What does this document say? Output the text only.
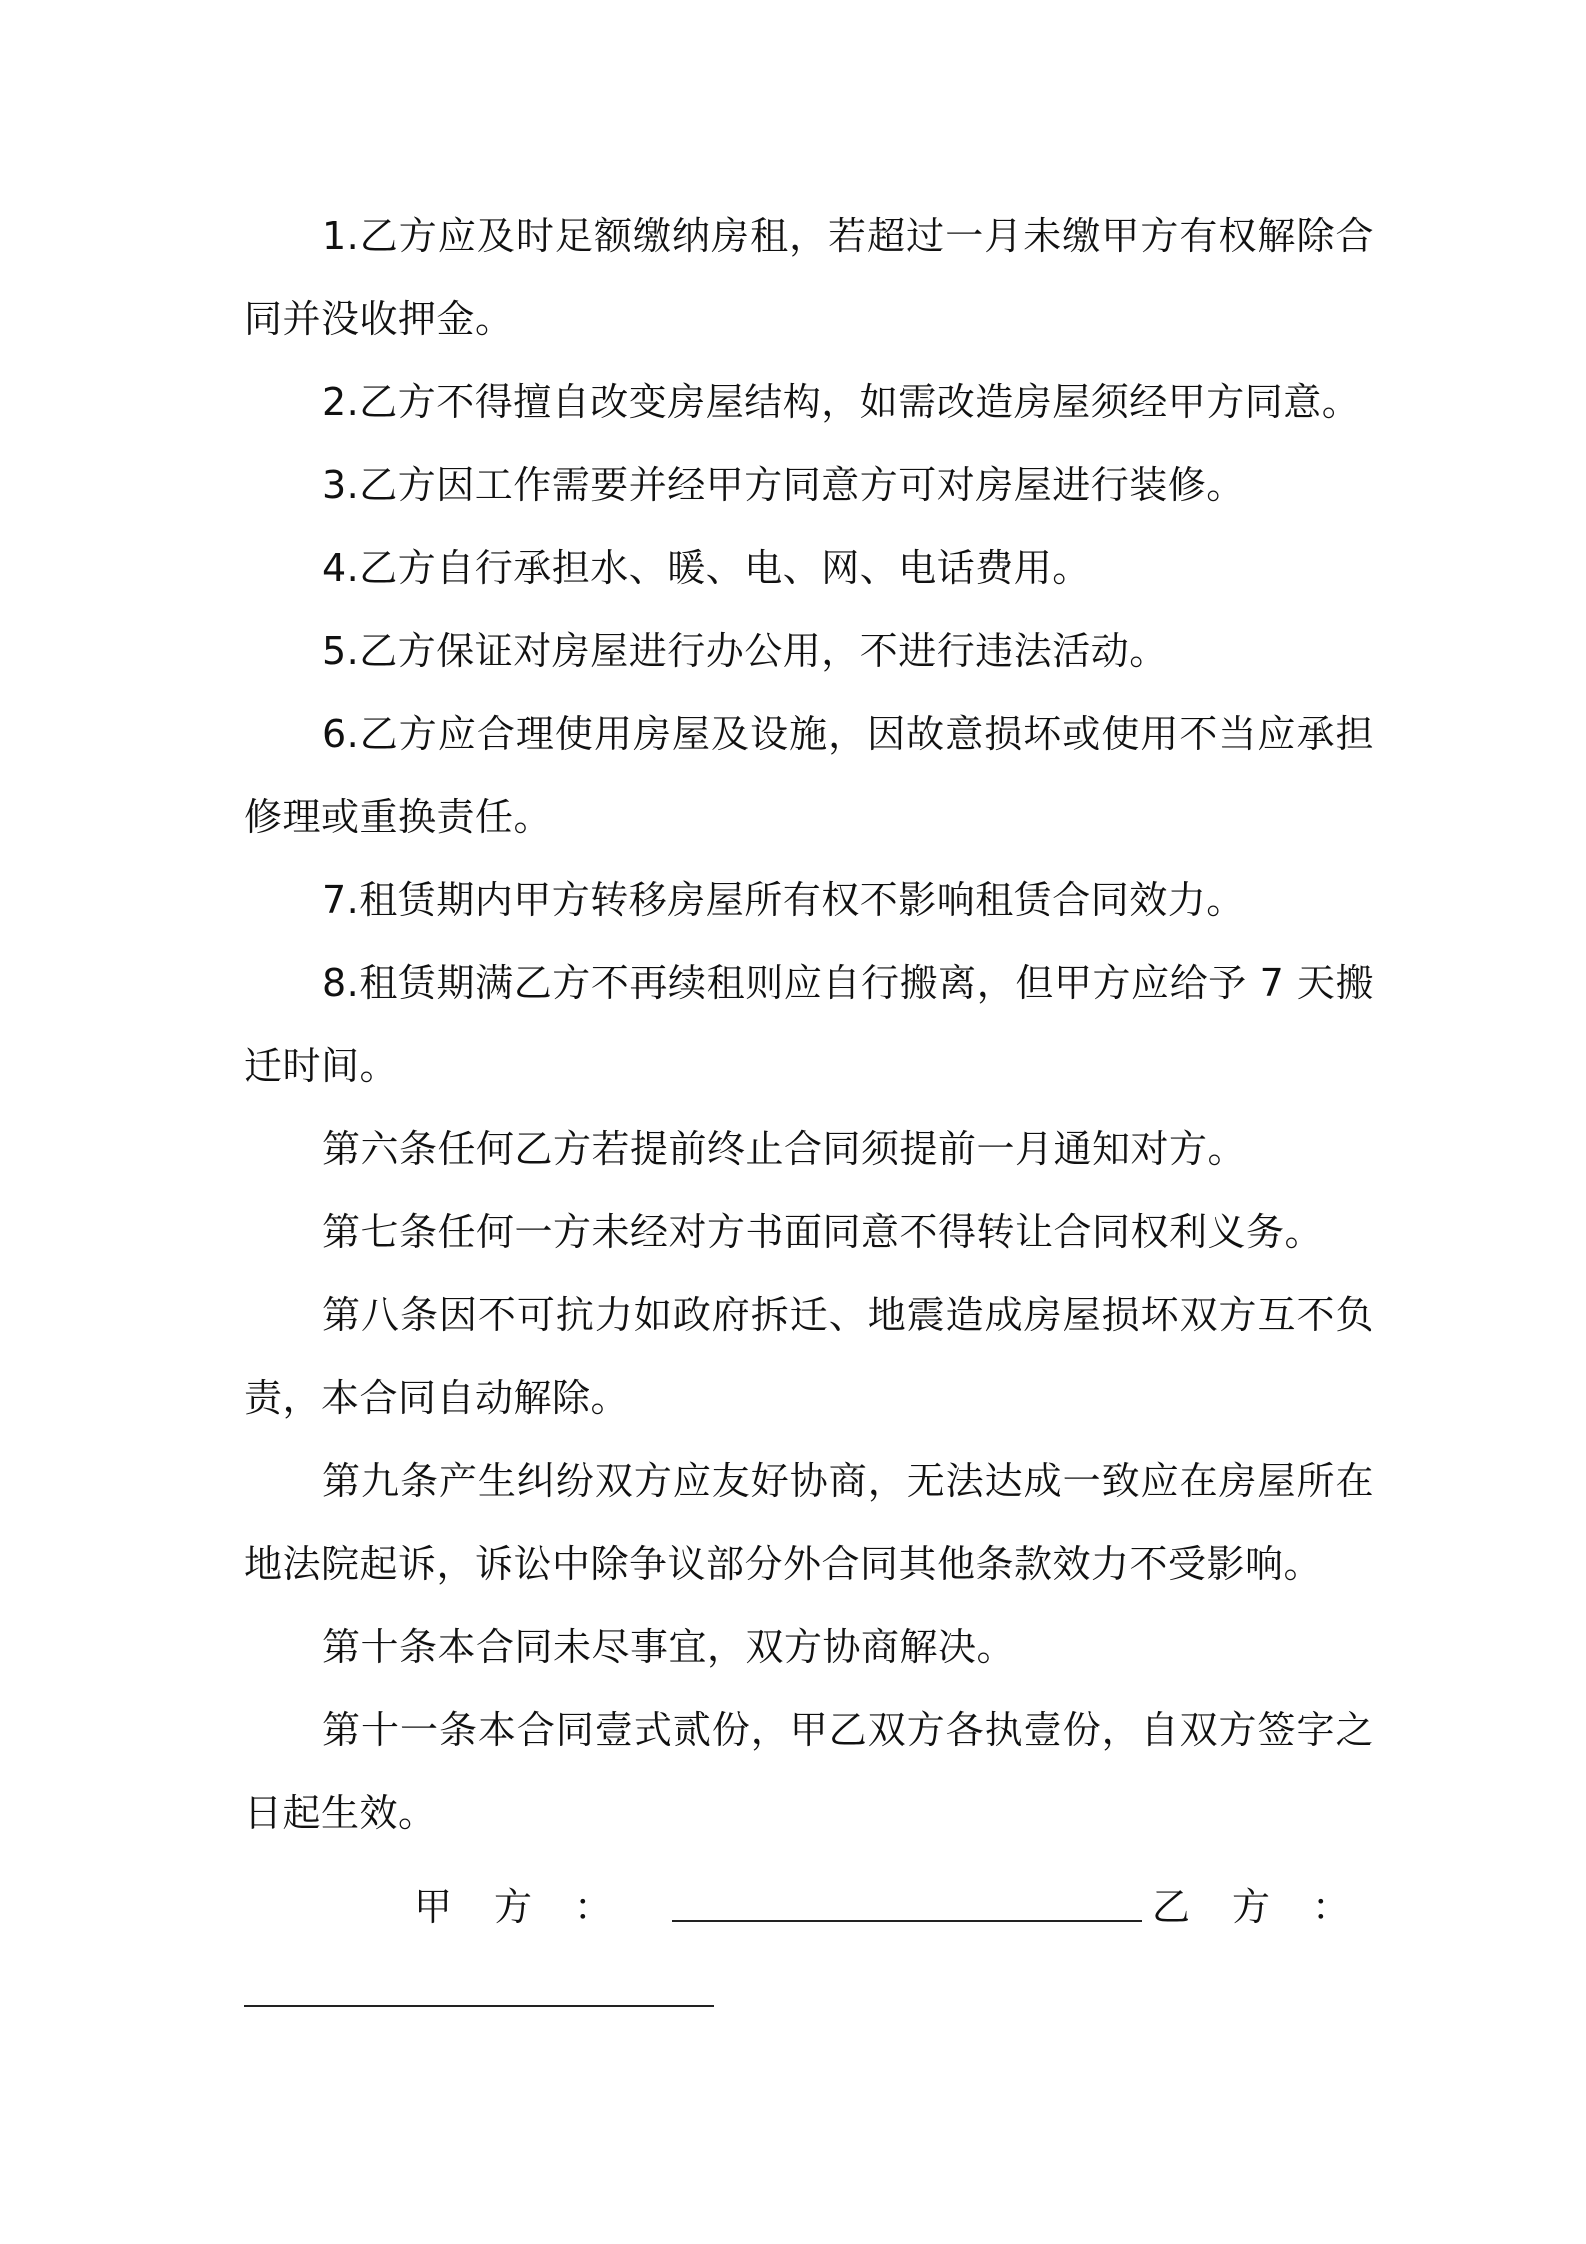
1.乙方应及时足额缴纳房租，若超过一月未缴甲方有权解除合同并没收押金。

2.乙方不得擅自改变房屋结构，如需改造房屋须经甲方同意。

3.乙方因工作需要并经甲方同意方可对房屋进行装修。

4.乙方自行承担水、暖、电、网、电话费用。

5.乙方保证对房屋进行办公用，不进行违法活动。

6.乙方应合理使用房屋及设施，因故意损坏或使用不当应承担修理或重换责任。

7.租赁期内甲方转移房屋所有权不影响租赁合同效力。

8.租赁期满乙方不再续租则应自行搬离，但甲方应给予 7 天搬迁时间。

第六条任何乙方若提前终止合同须提前一月通知对方。

第七条任何一方未经对方书面同意不得转让合同权利义务。

第八条因不可抗力如政府拆迁、地震造成房屋损坏双方互不负责，本合同自动解除。

第九条产生纠纷双方应友好协商，无法达成一致应在房屋所在地法院起诉，诉讼中除争议部分外合同其他条款效力不受影响。

第十条本合同未尽事宜，双方协商解决。

第十一条本合同壹式贰份，甲乙双方各执壹份，自双方签字之日起生效。

甲方：	乙方：
